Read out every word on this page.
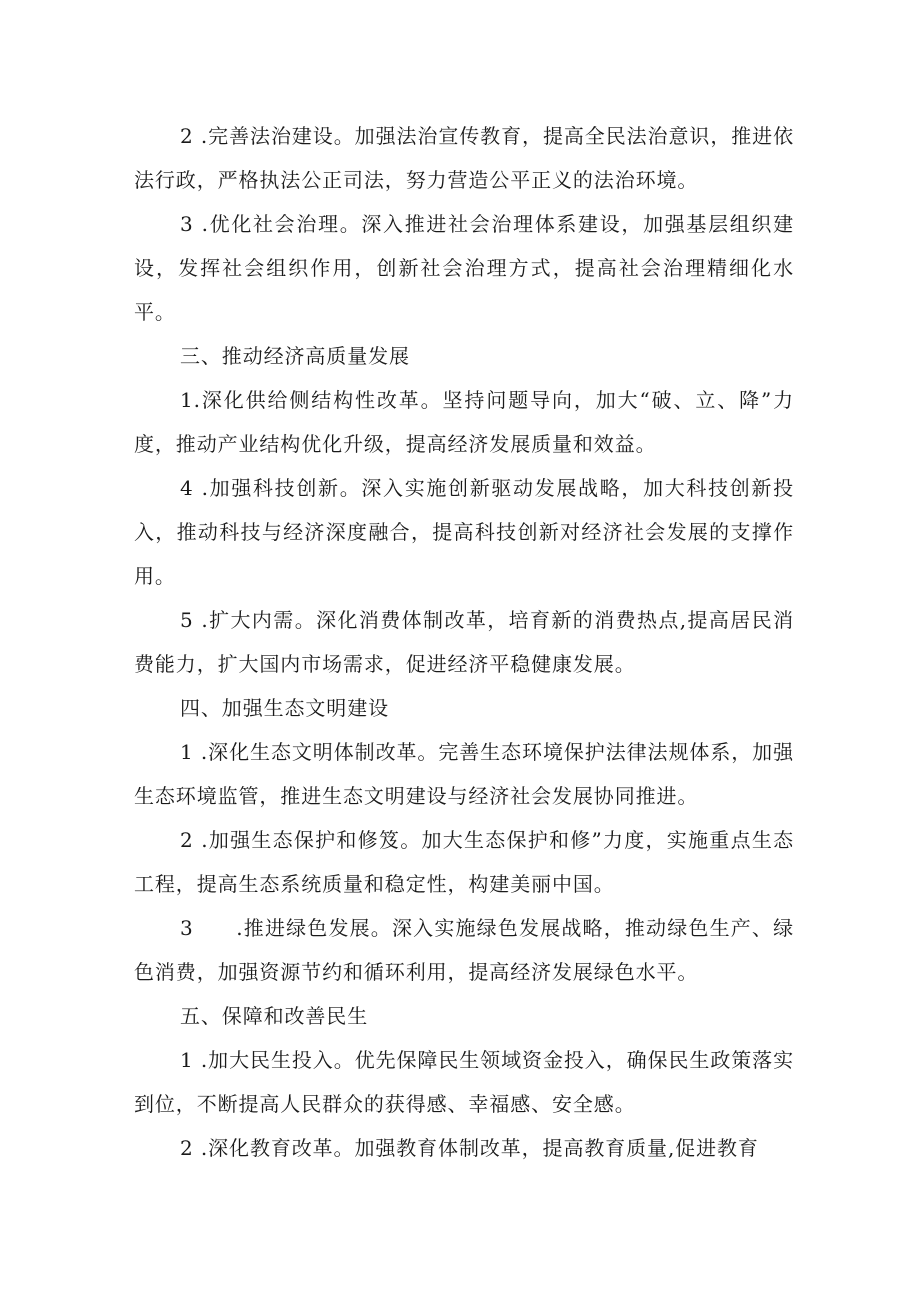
2 .完善法治建设。加强法治宣传教育，提高全民法治意识，推进依法行政，严格执法公正司法，努力营造公平正义的法治环境。

3 .优化社会治理。深入推进社会治理体系建设，加强基层组织建设，发挥社会组织作用，创新社会治理方式，提高社会治理精细化水平。

三、推动经济高质量发展

1.深化供给侧结构性改革。坚持问题导向，加大“破、立、降”力度，推动产业结构优化升级，提高经济发展质量和效益。

4 .加强科技创新。深入实施创新驱动发展战略，加大科技创新投入，推动科技与经济深度融合，提高科技创新对经济社会发展的支撑作用。

5 .扩大内需。深化消费体制改革，培育新的消费热点,提高居民消费能力，扩大国内市场需求，促进经济平稳健康发展。

四、加强生态文明建设

1 .深化生态文明体制改革。完善生态环境保护法律法规体系，加强生态环境监管，推进生态文明建设与经济社会发展协同推进。

2 .加强生态保护和修笈。加大生态保护和修”力度，实施重点生态工程，提高生态系统质量和稳定性，构建美丽中国。

3　　.推进绿色发展。深入实施绿色发展战略，推动绿色生产、绿色消费，加强资源节约和循环利用，提高经济发展绿色水平。

五、保障和改善民生

1 .加大民生投入。优先保障民生领域资金投入，确保民生政策落实到位，不断提高人民群众的获得感、幸福感、安全感。

2 .深化教育改革。加强教育体制改革，提高教育质量,促进教育
